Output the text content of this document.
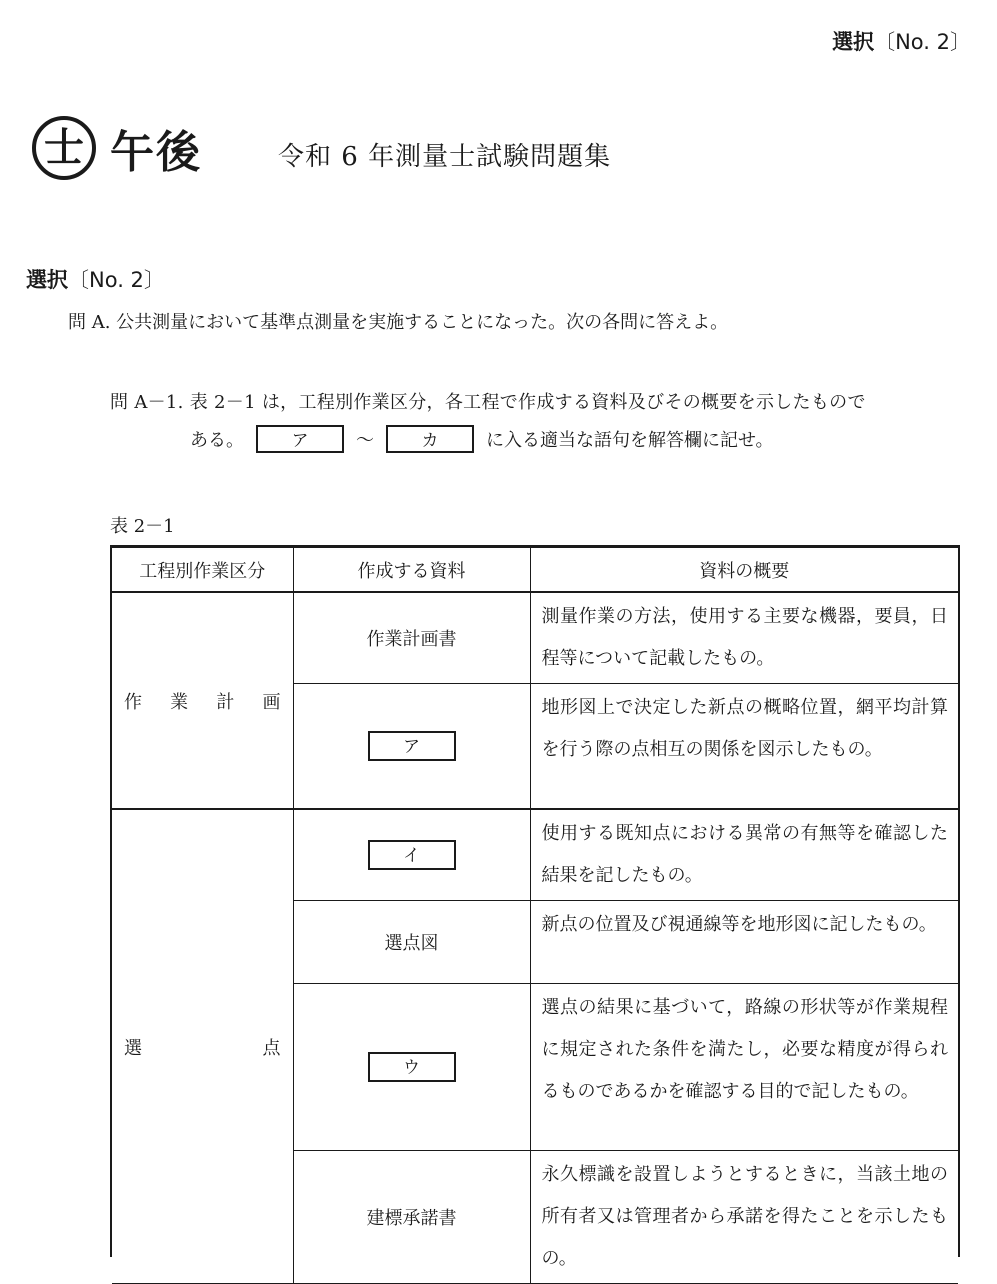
選択〔No. 2〕
士 午後	令和 6 年測量士試験問題集
選択〔No. 2〕
問 A. 公共測量において基準点測量を実施することになった。次の各問に答えよ。
問 A－1. 表 2－1 は，工程別作業区分，各工程で作成する資料及びその概要を示したもので
ある。	ア	～	カ	に入る適当な語句を解答欄に記せ。
表 2－1
工程別作業区分	作成する資料	資料の概要

作 業 計 画	作業計画書	測量作業の方法，使用する主要な機器，要員，日程等について記載したもの。
	ア	地形図上で決定した新点の概略位置，網平均計算を行う際の点相互の関係を図示したもの。

選 点	イ	使用する既知点における異常の有無等を確認した結果を記したもの。
	選点図	新点の位置及び視通線等を地形図に記したもの。
	ウ	選点の結果に基づいて，路線の形状等が作業規程に規定された条件を満たし，必要な精度が得られるものであるかを確認する目的で記したもの。
	建標承諾書	永久標識を設置しようとするときに，当該土地の所有者又は管理者から承諾を得たことを示したもの。
